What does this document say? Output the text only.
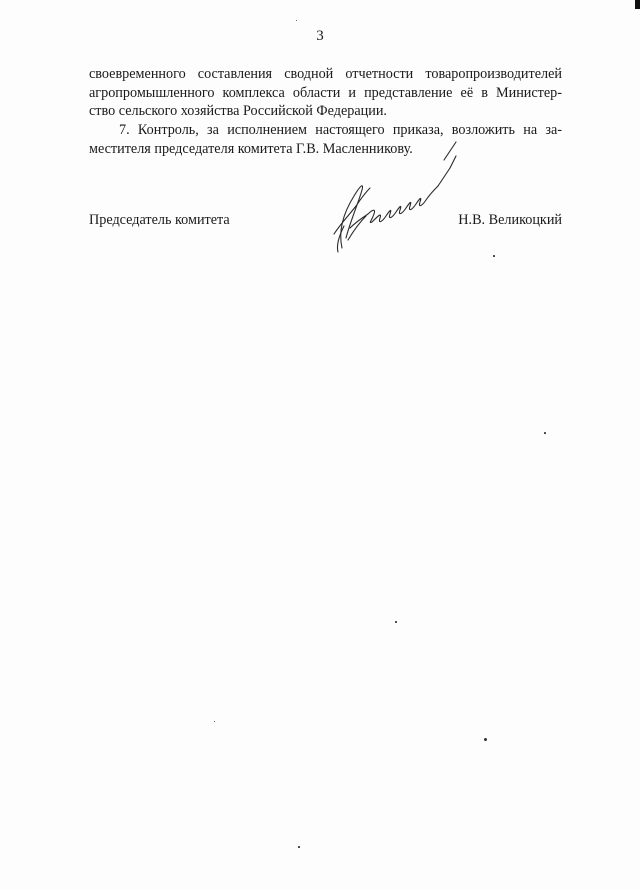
3
своевременного составления сводной отчетности товаропроизводителей
агропромышленного комплекса области и представление её в Министер-
ство сельского хозяйства Российской Федерации.
7. Контроль, за исполнением настоящего приказа, возложить на за-
местителя председателя комитета Г.В. Масленникову.
Председатель комитета	Н.В. Великоцкий
